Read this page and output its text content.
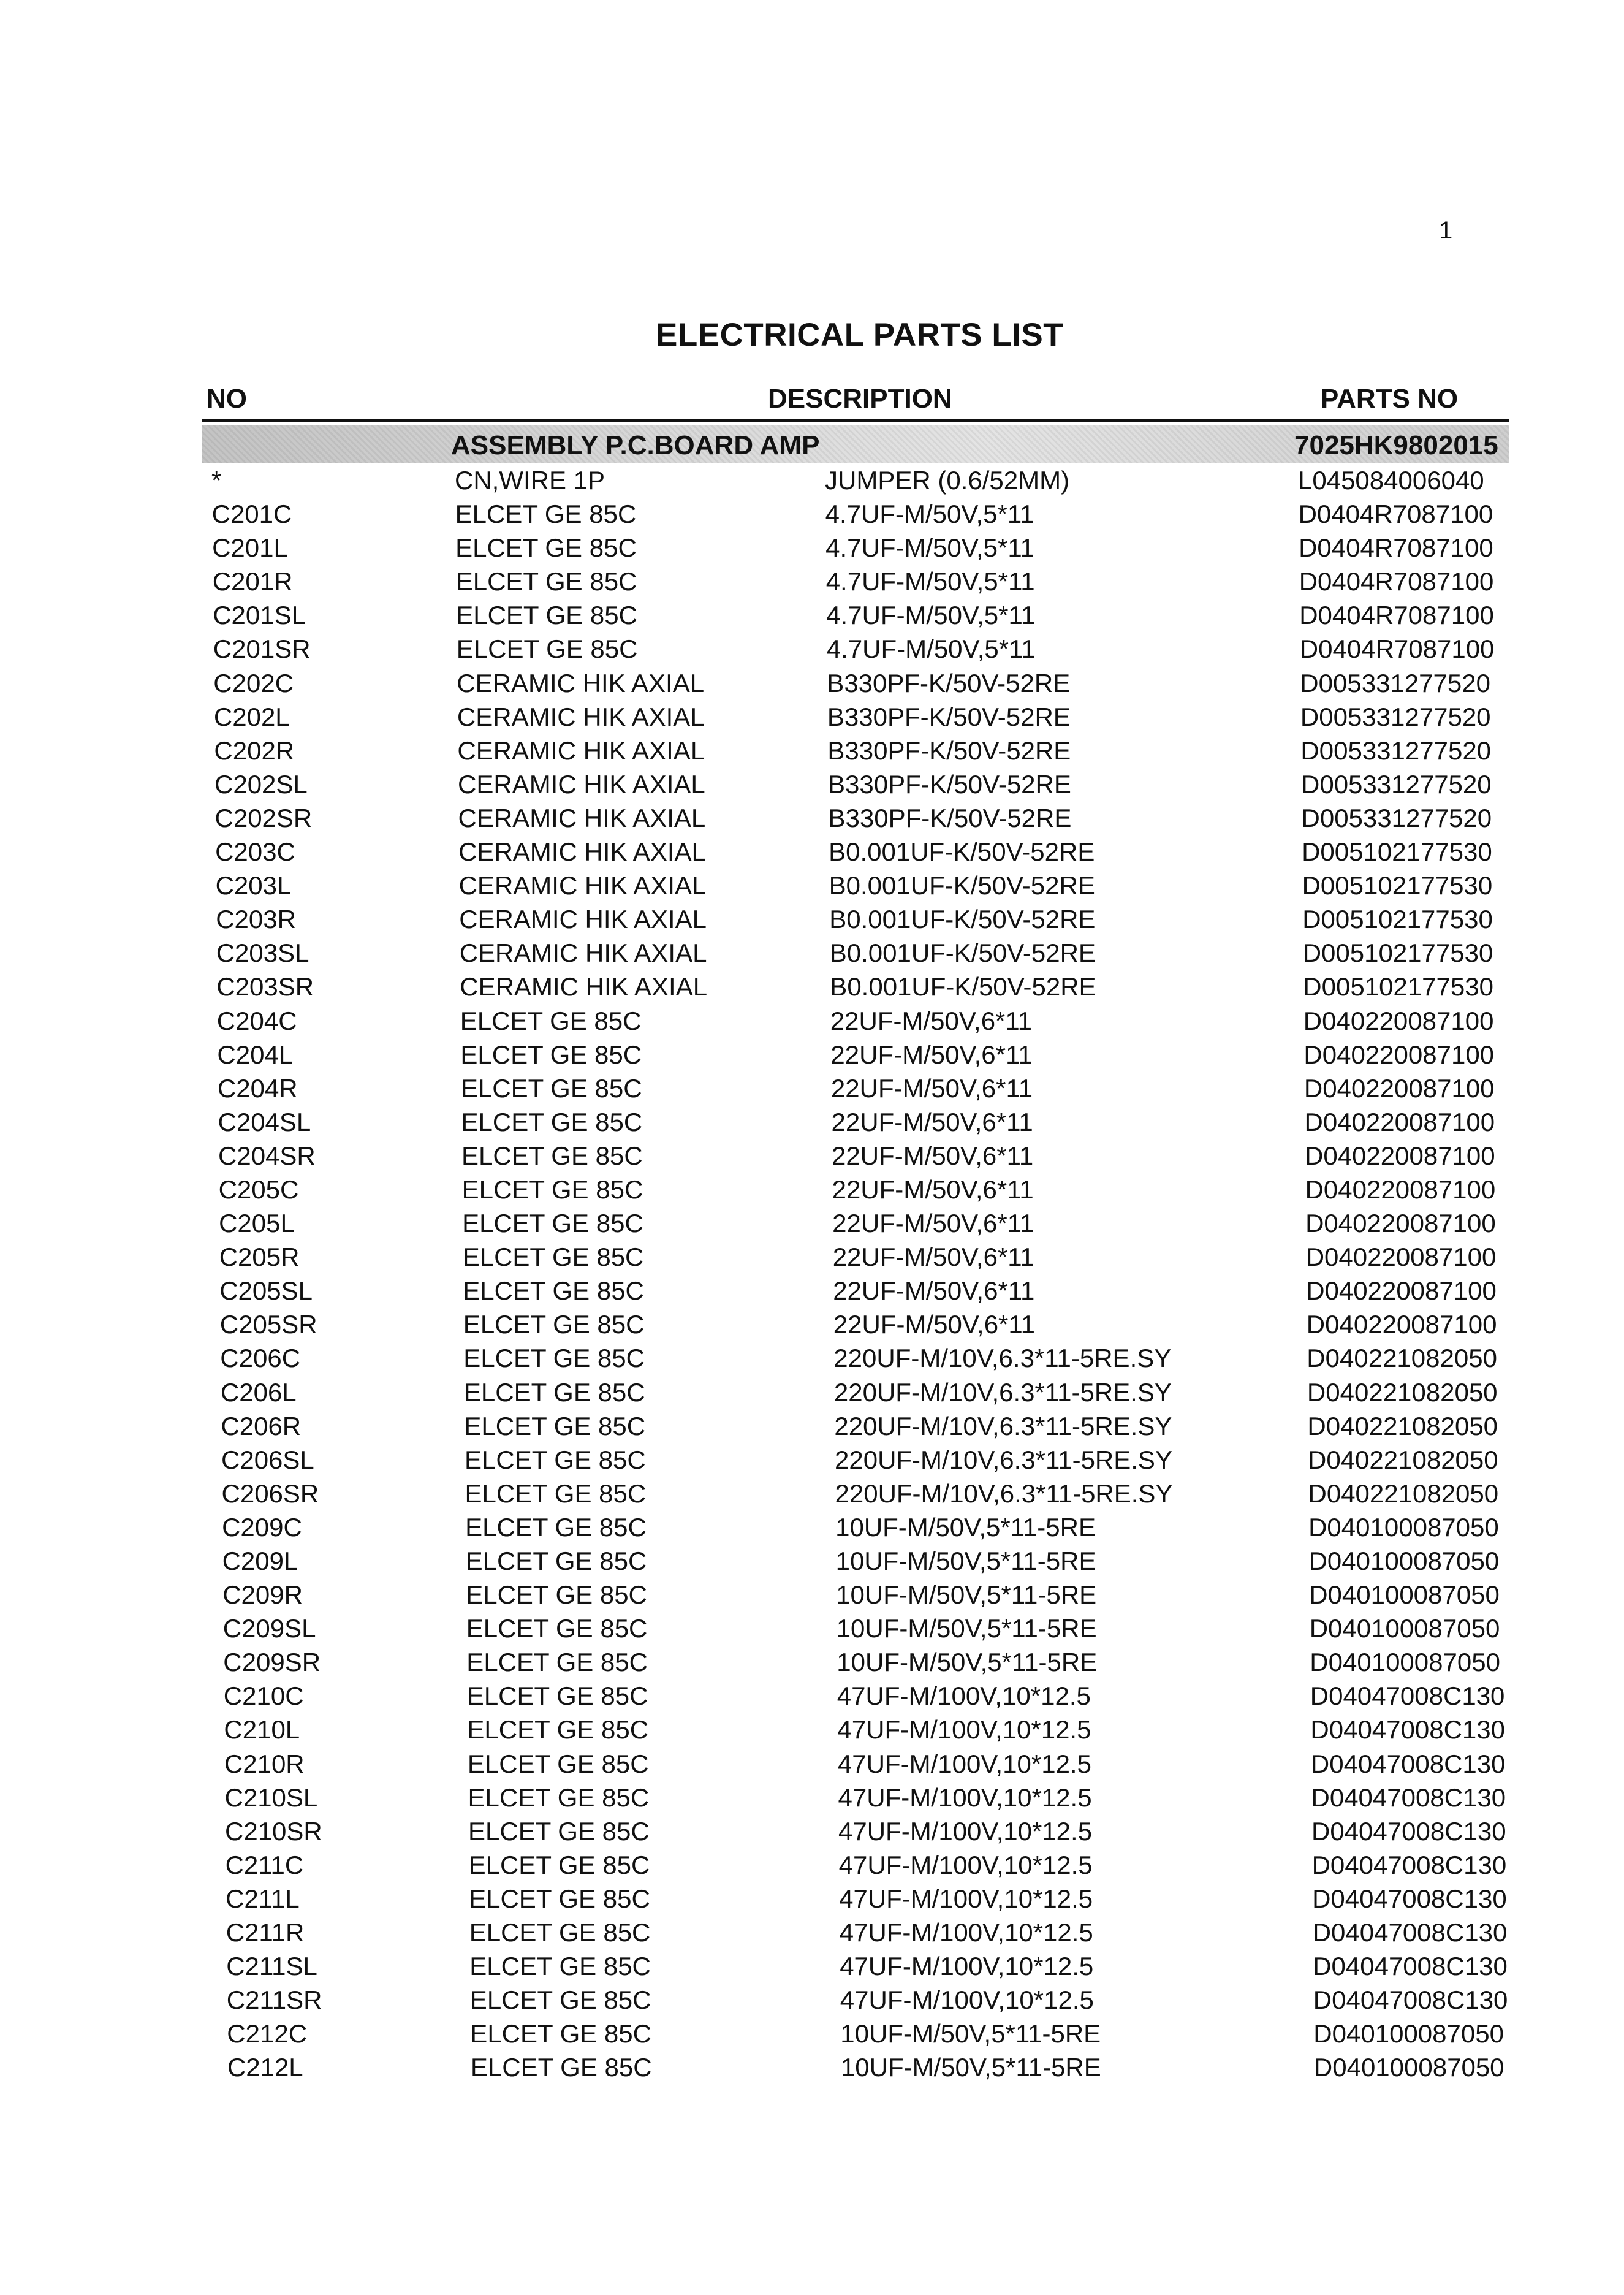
1
ELECTRICAL PARTS LIST
NO	DESCRIPTION	PARTS NO
ASSEMBLY P.C.BOARD AMP	7025HK9802015
*	CN,WIRE 1P	JUMPER (0.6/52MM)	L045084006040
C201C	ELCET GE 85C	4.7UF-M/50V,5*11	D0404R7087100
C201L	ELCET GE 85C	4.7UF-M/50V,5*11	D0404R7087100
C201R	ELCET GE 85C	4.7UF-M/50V,5*11	D0404R7087100
C201SL	ELCET GE 85C	4.7UF-M/50V,5*11	D0404R7087100
C201SR	ELCET GE 85C	4.7UF-M/50V,5*11	D0404R7087100
C202C	CERAMIC HIK AXIAL	B330PF-K/50V-52RE	D005331277520
C202L	CERAMIC HIK AXIAL	B330PF-K/50V-52RE	D005331277520
C202R	CERAMIC HIK AXIAL	B330PF-K/50V-52RE	D005331277520
C202SL	CERAMIC HIK AXIAL	B330PF-K/50V-52RE	D005331277520
C202SR	CERAMIC HIK AXIAL	B330PF-K/50V-52RE	D005331277520
C203C	CERAMIC HIK AXIAL	B0.001UF-K/50V-52RE	D005102177530
C203L	CERAMIC HIK AXIAL	B0.001UF-K/50V-52RE	D005102177530
C203R	CERAMIC HIK AXIAL	B0.001UF-K/50V-52RE	D005102177530
C203SL	CERAMIC HIK AXIAL	B0.001UF-K/50V-52RE	D005102177530
C203SR	CERAMIC HIK AXIAL	B0.001UF-K/50V-52RE	D005102177530
C204C	ELCET GE 85C	22UF-M/50V,6*11	D040220087100
C204L	ELCET GE 85C	22UF-M/50V,6*11	D040220087100
C204R	ELCET GE 85C	22UF-M/50V,6*11	D040220087100
C204SL	ELCET GE 85C	22UF-M/50V,6*11	D040220087100
C204SR	ELCET GE 85C	22UF-M/50V,6*11	D040220087100
C205C	ELCET GE 85C	22UF-M/50V,6*11	D040220087100
C205L	ELCET GE 85C	22UF-M/50V,6*11	D040220087100
C205R	ELCET GE 85C	22UF-M/50V,6*11	D040220087100
C205SL	ELCET GE 85C	22UF-M/50V,6*11	D040220087100
C205SR	ELCET GE 85C	22UF-M/50V,6*11	D040220087100
C206C	ELCET GE 85C	220UF-M/10V,6.3*11-5RE.SY	D040221082050
C206L	ELCET GE 85C	220UF-M/10V,6.3*11-5RE.SY	D040221082050
C206R	ELCET GE 85C	220UF-M/10V,6.3*11-5RE.SY	D040221082050
C206SL	ELCET GE 85C	220UF-M/10V,6.3*11-5RE.SY	D040221082050
C206SR	ELCET GE 85C	220UF-M/10V,6.3*11-5RE.SY	D040221082050
C209C	ELCET GE 85C	10UF-M/50V,5*11-5RE	D040100087050
C209L	ELCET GE 85C	10UF-M/50V,5*11-5RE	D040100087050
C209R	ELCET GE 85C	10UF-M/50V,5*11-5RE	D040100087050
C209SL	ELCET GE 85C	10UF-M/50V,5*11-5RE	D040100087050
C209SR	ELCET GE 85C	10UF-M/50V,5*11-5RE	D040100087050
C210C	ELCET GE 85C	47UF-M/100V,10*12.5	D04047008C130
C210L	ELCET GE 85C	47UF-M/100V,10*12.5	D04047008C130
C210R	ELCET GE 85C	47UF-M/100V,10*12.5	D04047008C130
C210SL	ELCET GE 85C	47UF-M/100V,10*12.5	D04047008C130
C210SR	ELCET GE 85C	47UF-M/100V,10*12.5	D04047008C130
C211C	ELCET GE 85C	47UF-M/100V,10*12.5	D04047008C130
C211L	ELCET GE 85C	47UF-M/100V,10*12.5	D04047008C130
C211R	ELCET GE 85C	47UF-M/100V,10*12.5	D04047008C130
C211SL	ELCET GE 85C	47UF-M/100V,10*12.5	D04047008C130
C211SR	ELCET GE 85C	47UF-M/100V,10*12.5	D04047008C130
C212C	ELCET GE 85C	10UF-M/50V,5*11-5RE	D040100087050
C212L	ELCET GE 85C	10UF-M/50V,5*11-5RE	D040100087050
